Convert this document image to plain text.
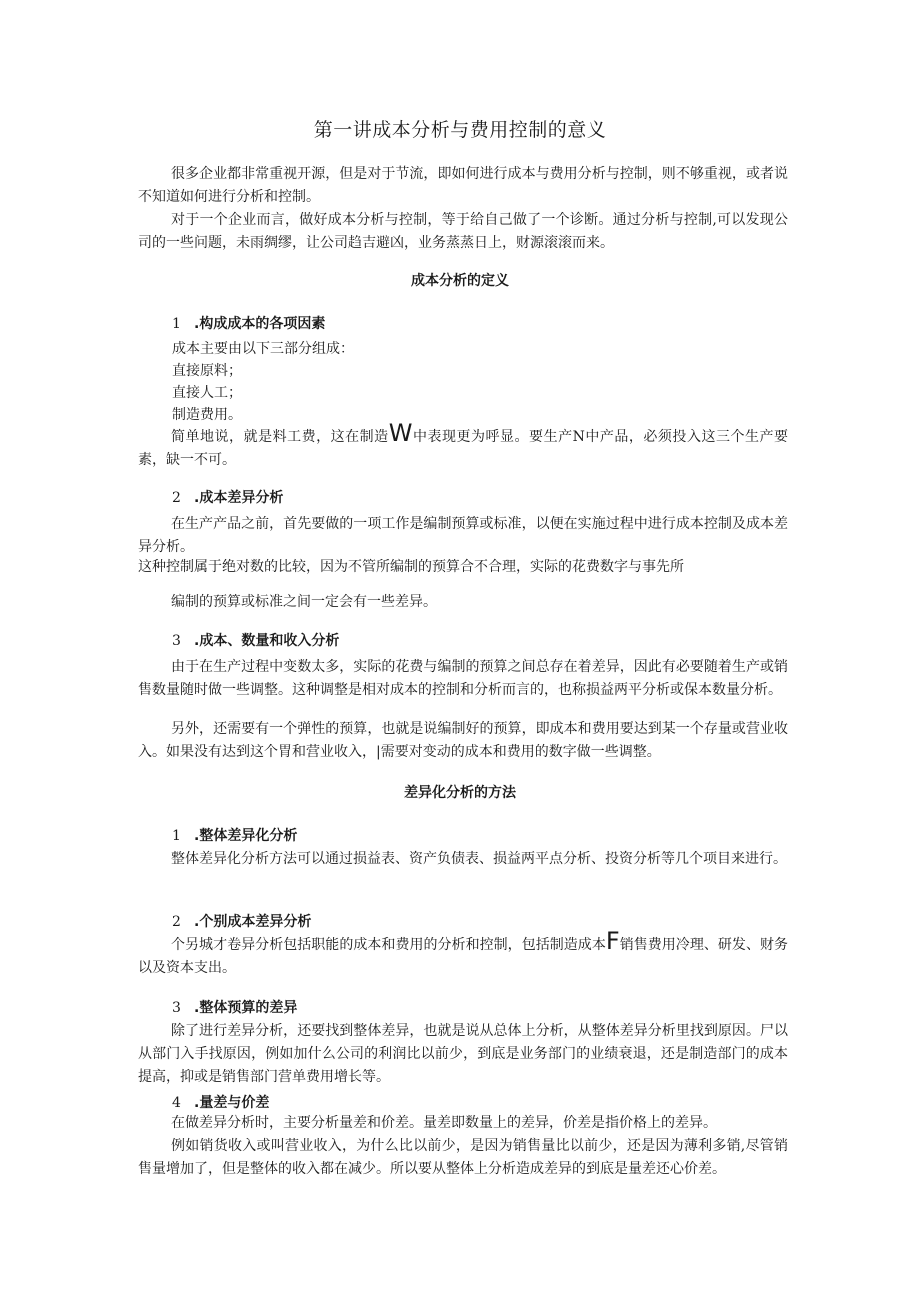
第一讲成本分析与费用控制的意义

很多企业都非常重视开源，但是对于节流，即如何进行成本与费用分析与控制，则不够重视，或者说不知道如何进行分析和控制。

对于一个企业而言，做好成本分析与控制，等于给自己做了一个诊断。通过分析与控制,可以发现公司的一些问题，未雨绸缪，让公司趋吉避凶，业务蒸蒸日上，财源滚滚而来。

成本分析的定义
1 .构成成本的各项因素

成本主要由以下三部分组成：

直接原料；

直接人工；

制造费用。

简单地说，就是料工费，这在制造W中表现更为呼显。要生产N中产品，必须投入这三个生产要素，缺一不可。

2 .成本差异分析

在生产产品之前，首先要做的一项工作是编制预算或标准，以便在实施过程中进行成本控制及成本差异分析。

这种控制属于绝对数的比较，因为不管所编制的预算合不合理，实际的花费数字与事先所

编制的预算或标准之间一定会有一些差异。

3 .成本、数量和收入分析

由于在生产过程中变数太多，实际的花费与编制的预算之间总存在着差异，因此有必要随着生产或销售数量随时做一些调整。这种调整是相对成本的控制和分析而言的，也称损益两平分析或保本数量分析。

另外，还需要有一个弹性的预算，也就是说编制好的预算，即成本和费用要达到某一个存量或营业收入。如果没有达到这个胃和营业收入，|需要对变动的成本和费用的数字做一些调整。

差异化分析的方法
1 .整体差异化分析

整体差异化分析方法可以通过损益表、资产负债表、损益两平点分析、投资分析等几个项目来进行。

2 .个别成本差异分析

个另城才卷异分析包括职能的成本和费用的分析和控制，包括制造成本F销售费用冷理、研发、财务以及资本支出。

3 .整体预算的差异

除了进行差异分析，还要找到整体差异，也就是说从总体上分析，从整体差异分析里找到原因。尸以从部门入手找原因，例如加什么公司的利润比以前少，到底是业务部门的业绩衰退，还是制造部门的成本提高，抑或是销售部门营单费用增长等。

4 .量差与价差

在做差异分析时，主要分析量差和价差。量差即数量上的差异，价差是指价格上的差异。

例如销货收入或叫营业收入，为什么比以前少，是因为销售量比以前少，还是因为薄利多销,尽管销售量增加了，但是整体的收入都在减少。所以要从整体上分析造成差异的到底是量差还心价差。
